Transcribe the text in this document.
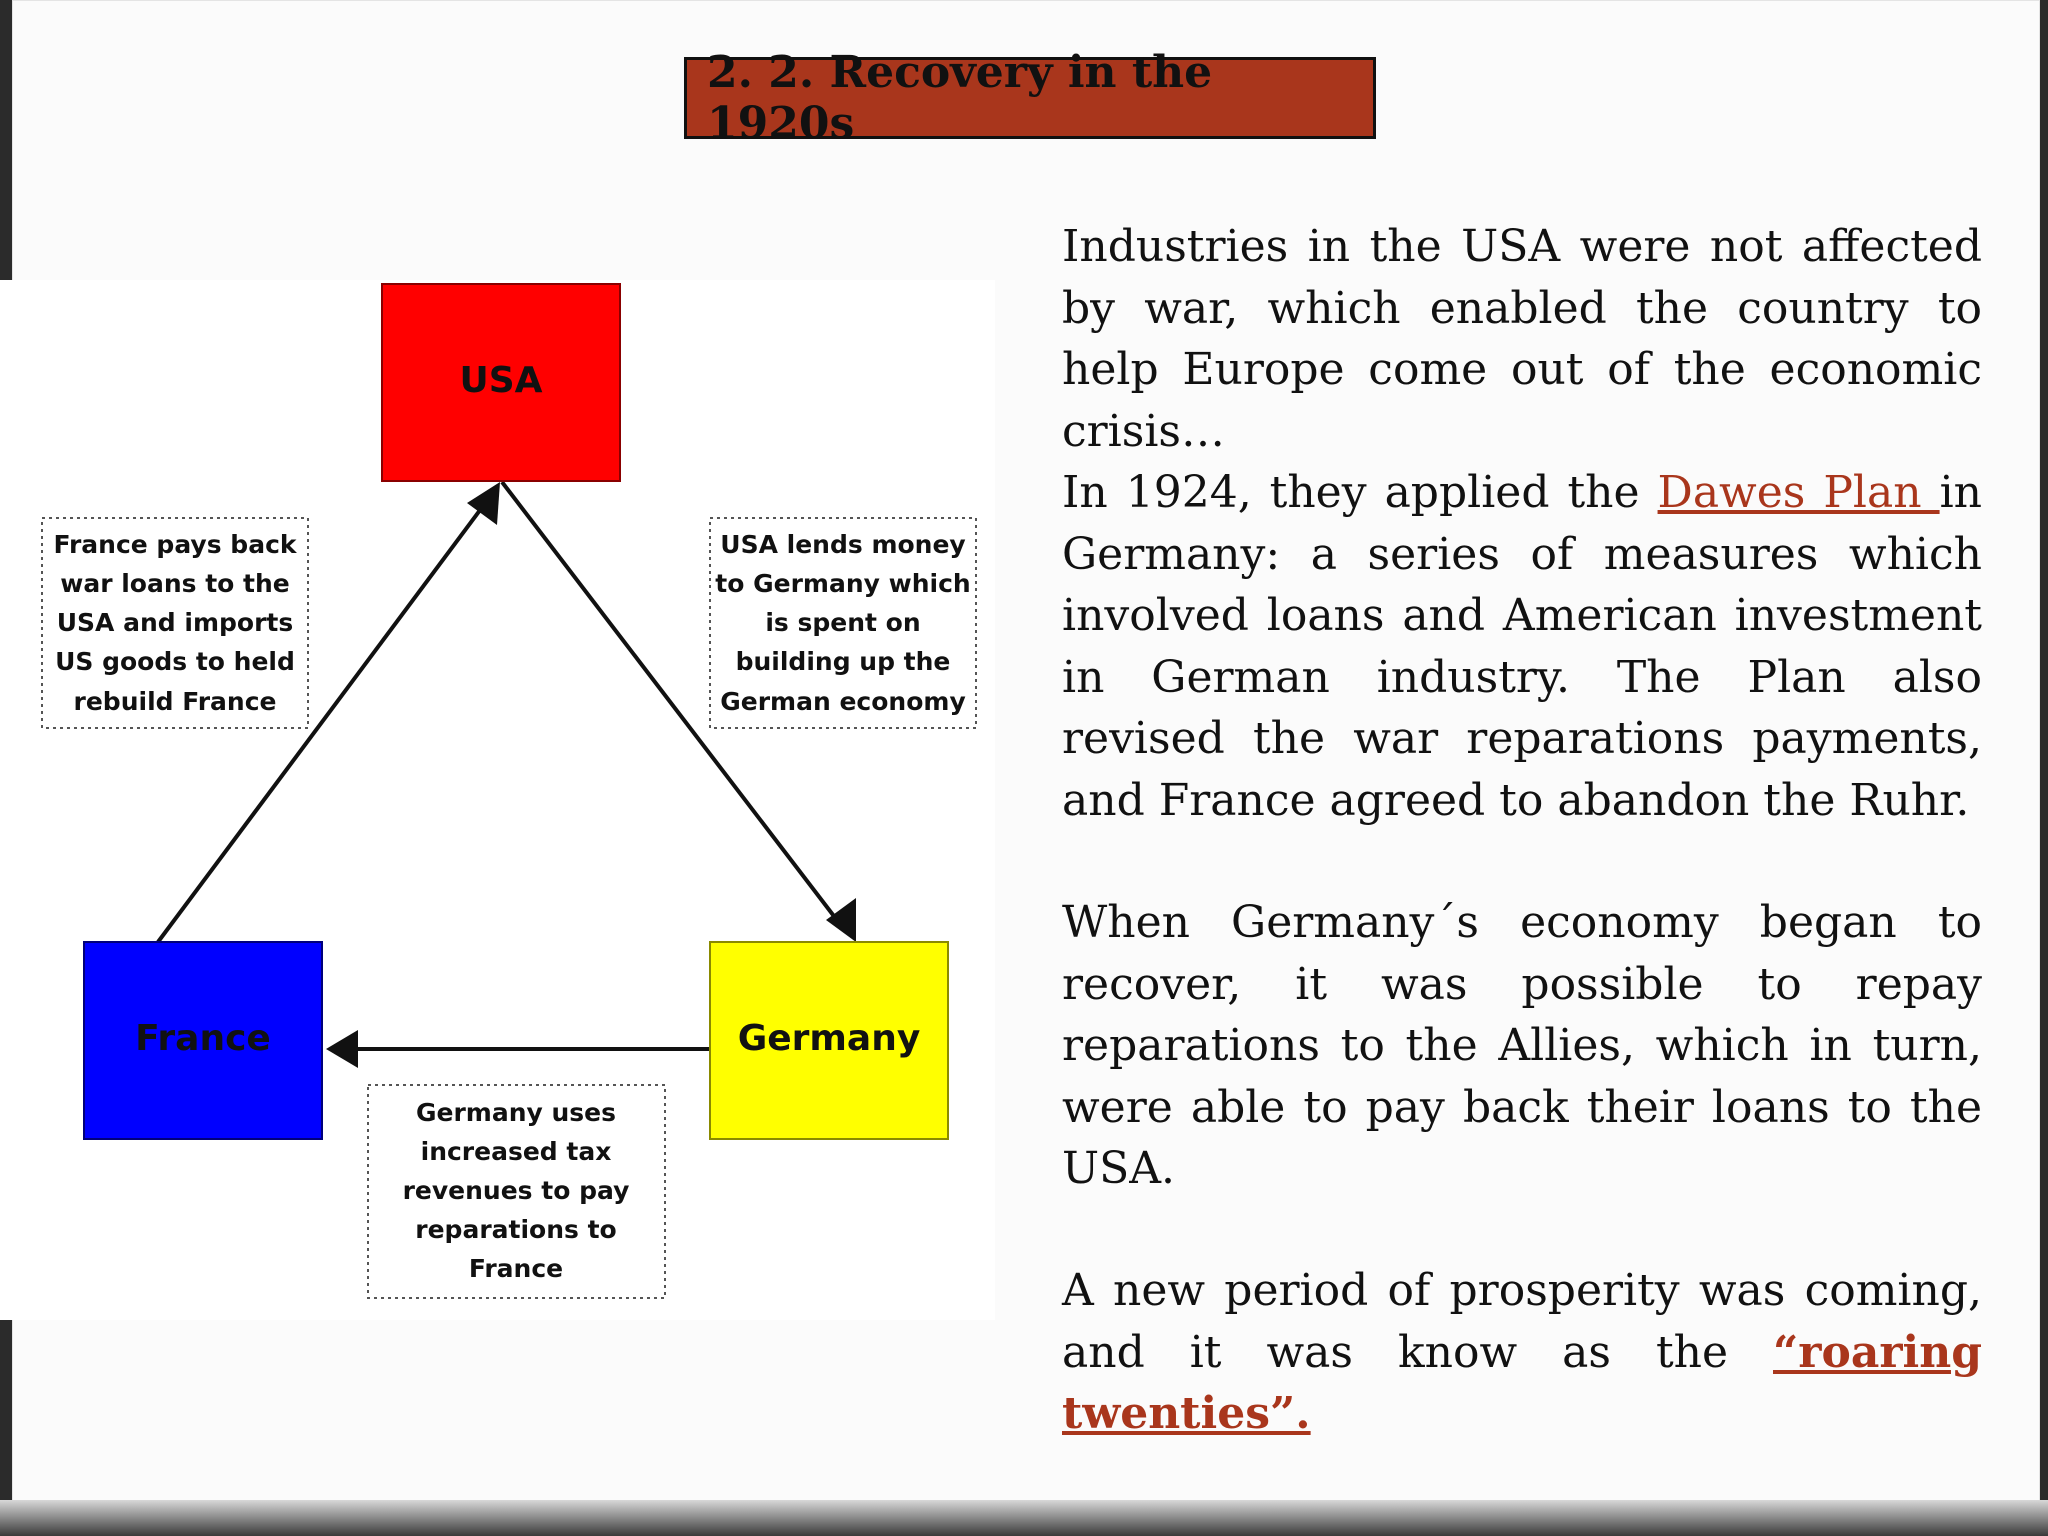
2. 2. Recovery in the 1920s
USA
France	Germany
France pays back
war loans to the
USA and imports
US goods to held
rebuild France
USA lends money
to Germany which
is spent on
building up the
German economy
Germany uses
increased tax
revenues to pay
reparations to
France
Industries in the USA were not affected by war, which enabled the country to help Europe come out of the economic crisis…
In 1924, they applied the Dawes Plan in Germany: a series of measures which involved loans and American investment in German industry. The Plan also revised the war reparations payments, and France agreed to abandon the Ruhr.
When Germany´s economy began to recover, it was possible to repay reparations to the Allies, which in turn, were able to pay back their loans to the USA.
A new period of prosperity was coming, and it was know as the “roaring twenties”.
